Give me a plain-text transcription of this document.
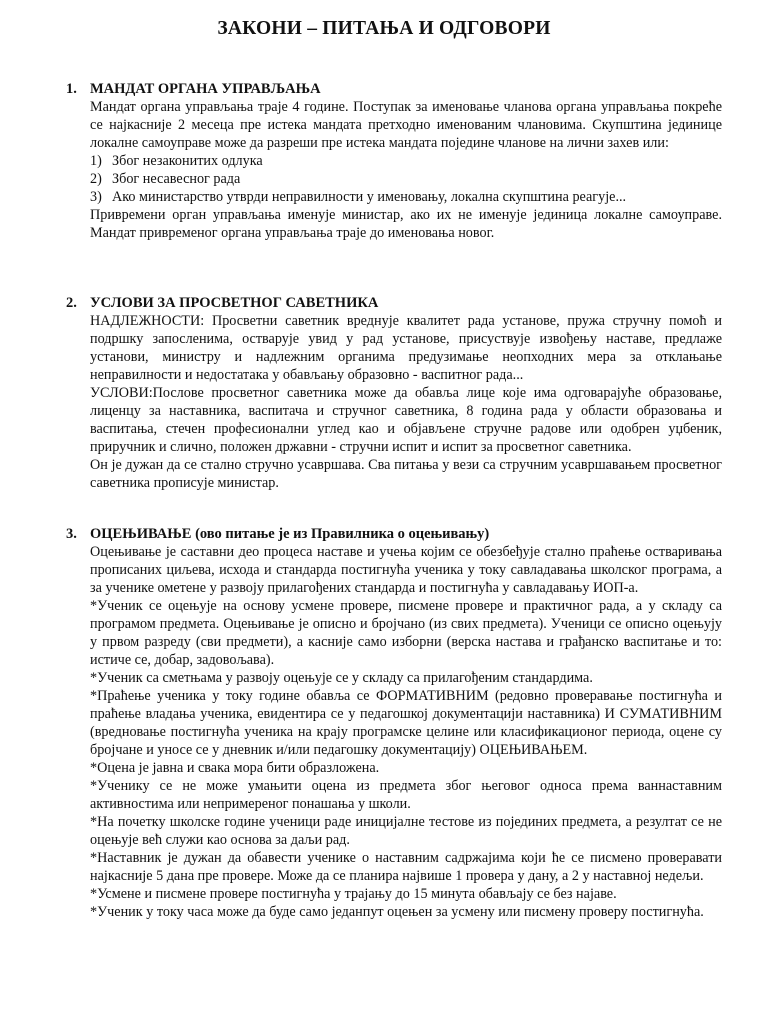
ЗАКОНИ – ПИТАЊА И ОДГОВОРИ
1. МАНДАТ ОРГАНА УПРАВЉАЊА

Мандат органа управљања траје 4 године. Поступак за именовање чланова органа управљања покреће се најкасније 2 месеца пре истека мандата претходно именованим члановима. Скупштина јединице локалне самоуправе може да разреши пре истека мандата поједине чланове на лични захев или:

1) Због незаконитих одлука
2) Због несавесног рада
3) Ако министарство утврди неправилности у именовању, локална скупштина реагује...

Привремени орган управљања именује министар, ако их не именује јединица локалне самоуправе. Мандат привременог органа управљања траје до именовања новог.

2. УСЛОВИ ЗА ПРОСВЕТНОГ САВЕТНИКА

НАДЛЕЖНОСТИ: Просветни саветник вреднује квалитет рада установе, пружа стручну помоћ и подршку запосленима, остварује увид у рад установе, присуствује извођењу наставе, предлаже установи, министру и надлежним органима предузимање неопходних мера за отклањање неправилности и недостатака у обављању образовно - васпитног рада...

УСЛОВИ:Послове просветног саветника може да обавља лице које има одговарајуће образовање, лиценцу за наставника, васпитача и стручног саветника, 8 година рада у области образовања и васпитања, стечен професионални углед као и објављене стручне радове или одобрен уџбеник, приручник и слично, положен државни - стручни испит и испит за просветног саветника.

Он је дужан да се стално стручно усавршава. Сва питања у вези са стручним усавршавањем просветног саветника прописује министар.

3. ОЦЕЊИВАЊЕ (ово питање је из Правилника о оцењивању)

Оцењивање је саставни део процеса наставе и учења којим се обезбеђује стално праћење остваривања прописаних циљева, исхода и стандарда постигнућа ученика у току савладавања школског програма, а за ученике ометене у развоју прилагођених стандарда и постигнућа у савладавању ИОП-а.

*Ученик се оцењује на основу усмене провере, писмене провере и практичног рада, а у складу са програмом предмета. Оцењивање је описно и бројчано (из свих предмета). Ученици се описно оцењују у првом разреду (сви предмети), а касније само изборни (верска настава и грађанско васпитање и то: истиче се, добар, задовољава).

*Ученик са сметњама у развоју оцењује се у складу са прилагођеним стандардима.

*Праћење ученика у току године обавља се ФОРМАТИВНИМ (редовно проверавање постигнућа и праћење владања ученика, евидентира се у педагошкој документацији наставника) И СУМАТИВНИМ (вредновање постигнућа ученика на крају програмске целине или класификационог периода, оцене су бројчане и уносе се у дневник и/или педагошку документацију) ОЦЕЊИВАЊЕМ.

*Оцена је јавна и свака мора бити образложена.

*Ученику се не може умањити оцена из предмета због његовог односа према ваннаставним активностима или непримереног понашања у школи.

*На почетку школске године ученици раде иницијалне тестове из појединих предмета, а резултат се не оцењује већ служи као основа за даљи рад.

*Наставник је дужан да обавести ученике о наставним садржајима који ће се писмено проверавати најкасније 5 дана пре провере. Може да се планира највише 1 провера у дану, а 2 у наставној недељи.

*Усмене и писмене провере постигнућа у трајању до 15 минута обављају се без најаве.

*Ученик у току часа може да буде само једанпут оцењен за усмену или писмену проверу постигнућа.
